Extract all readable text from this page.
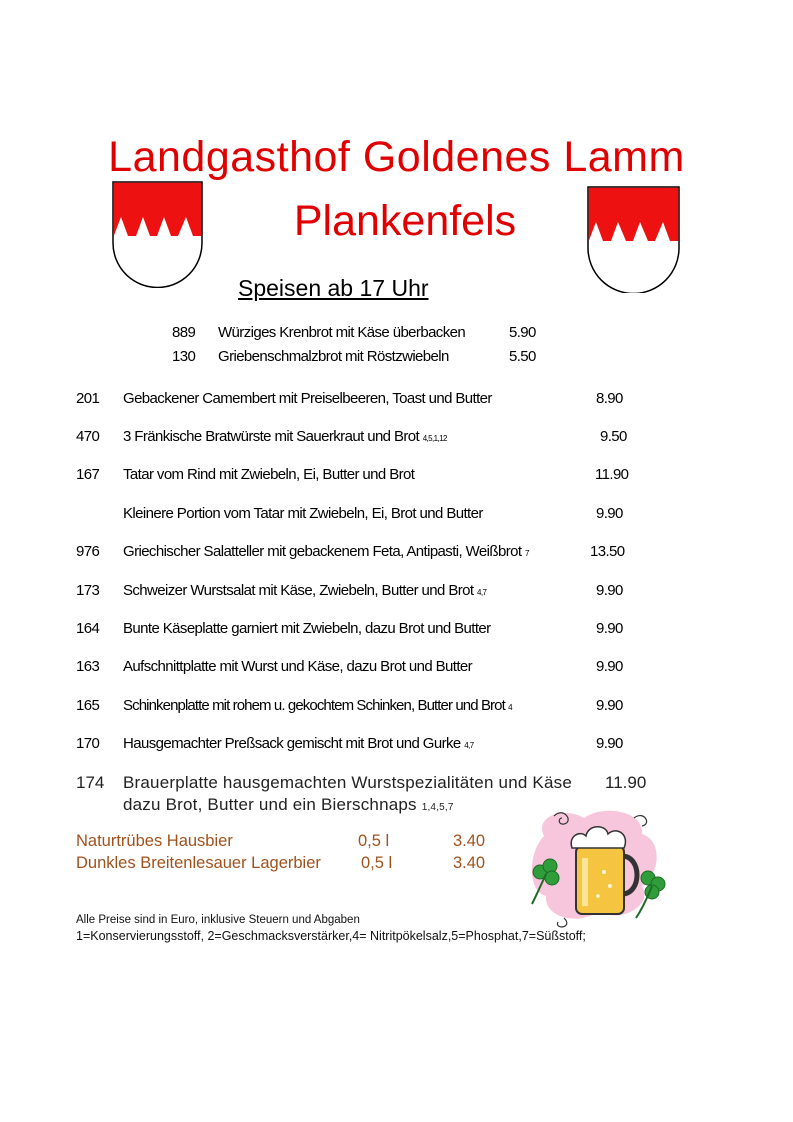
Landgasthof Goldenes Lamm
Plankenfels
Speisen ab 17 Uhr
889 Würziges Krenbrot mit Käse überbacken	5.90
130 Griebenschmalzbrot mit Röstzwiebeln	5.50
201 Gebackener Camembert mit Preiselbeeren, Toast und Butter	8.90
470 3 Fränkische Bratwürste mit Sauerkraut und Brot 4,5,1,12	9.50
167 Tatar vom Rind mit Zwiebeln, Ei, Butter und Brot	11.90
Kleinere Portion vom Tatar mit Zwiebeln, Ei, Brot und Butter	9.90
976 Griechischer Salatteller mit gebackenem Feta, Antipasti, Weißbrot 7	13.50
173 Schweizer Wurstsalat mit Käse, Zwiebeln, Butter und Brot 4,7	9.90
164 Bunte Käseplatte garniert mit Zwiebeln, dazu Brot und Butter	9.90
163 Aufschnittplatte mit Wurst und Käse, dazu Brot und Butter	9.90
165 Schinkenplatte mit rohem u. gekochtem Schinken, Butter und Brot 4	9.90
170 Hausgemachter Preßsack gemischt mit Brot und Gurke 4,7	9.90
174 Brauerplatte hausgemachten Wurstspezialitäten und Käse 11.90
dazu Brot, Butter und ein Bierschnaps 1,4,5,7
Naturtrübes Hausbier	0,5 l	3.40
Dunkles Breitenlesauer Lagerbier 0,5 l	3.40
Alle Preise sind in Euro, inklusive Steuern und Abgaben
1=Konservierungsstoff, 2=Geschmacksverstärker,4= Nitritpökelsalz,5=Phosphat,7=Süßstoff;
